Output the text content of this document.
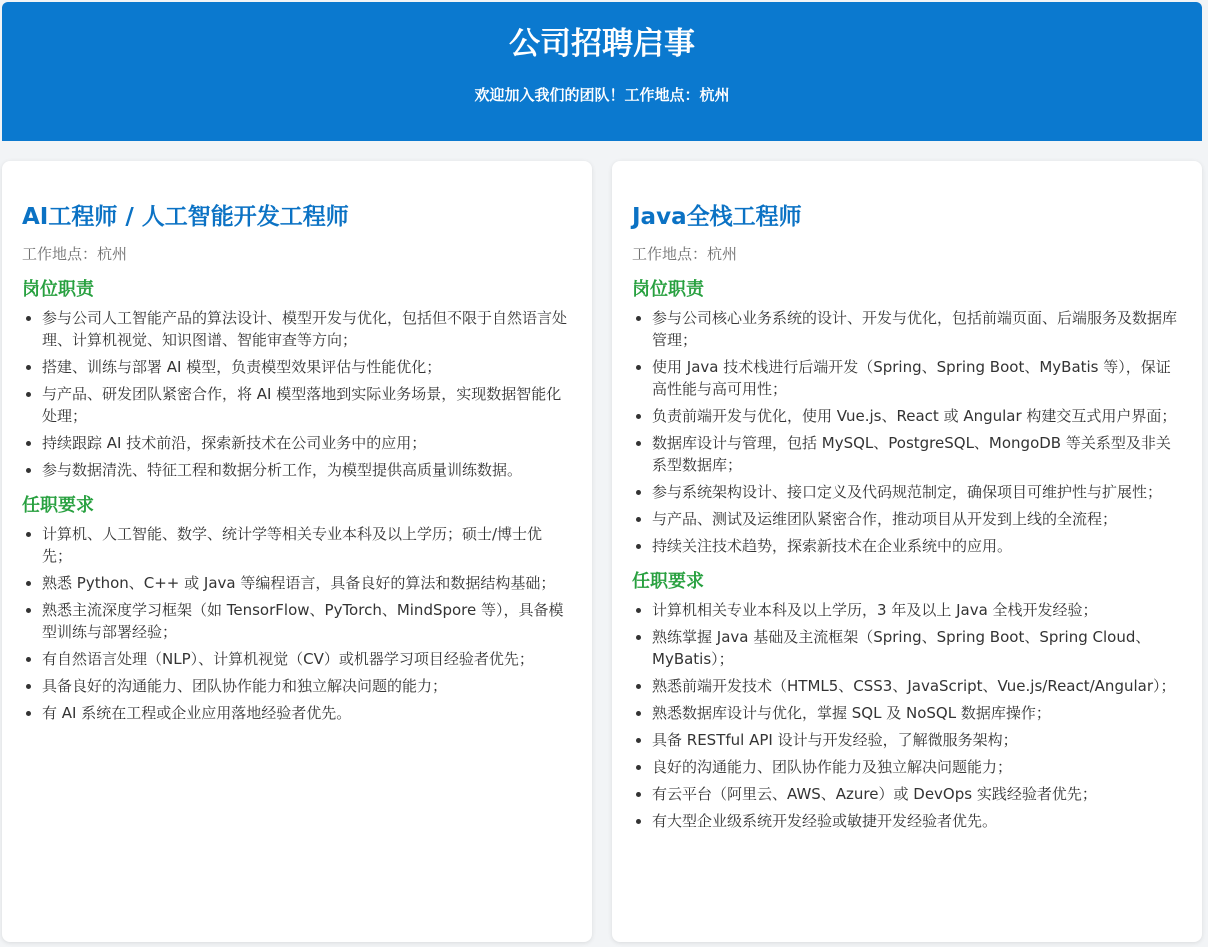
公司招聘启事
欢迎加入我们的团队！工作地点：杭州
AI工程师 / 人工智能开发工程师
工作地点：杭州
岗位职责
• 参与公司人工智能产品的算法设计、模型开发与优化，包括但不限于自然语言处理、计算机视觉、知识图谱、智能审查等方向；
• 搭建、训练与部署 AI 模型，负责模型效果评估与性能优化；
• 与产品、研发团队紧密合作，将 AI 模型落地到实际业务场景，实现数据智能化处理；
• 持续跟踪 AI 技术前沿，探索新技术在公司业务中的应用；
• 参与数据清洗、特征工程和数据分析工作，为模型提供高质量训练数据。
任职要求
• 计算机、人工智能、数学、统计学等相关专业本科及以上学历；硕士/博士优先；
• 熟悉 Python、C++ 或 Java 等编程语言，具备良好的算法和数据结构基础；
• 熟悉主流深度学习框架（如 TensorFlow、PyTorch、MindSpore 等），具备模型训练与部署经验；
• 有自然语言处理（NLP）、计算机视觉（CV）或机器学习项目经验者优先；
• 具备良好的沟通能力、团队协作能力和独立解决问题的能力；
• 有 AI 系统在工程或企业应用落地经验者优先。
Java全栈工程师
工作地点：杭州
岗位职责
• 参与公司核心业务系统的设计、开发与优化，包括前端页面、后端服务及数据库管理；
• 使用 Java 技术栈进行后端开发（Spring、Spring Boot、MyBatis 等），保证高性能与高可用性；
• 负责前端开发与优化，使用 Vue.js、React 或 Angular 构建交互式用户界面；
• 数据库设计与管理，包括 MySQL、PostgreSQL、MongoDB 等关系型及非关系型数据库；
• 参与系统架构设计、接口定义及代码规范制定，确保项目可维护性与扩展性；
• 与产品、测试及运维团队紧密合作，推动项目从开发到上线的全流程；
• 持续关注技术趋势，探索新技术在企业系统中的应用。
任职要求
• 计算机相关专业本科及以上学历，3 年及以上 Java 全栈开发经验；
• 熟练掌握 Java 基础及主流框架（Spring、Spring Boot、Spring Cloud、MyBatis）；
• 熟悉前端开发技术（HTML5、CSS3、JavaScript、Vue.js/React/Angular）；
• 熟悉数据库设计与优化，掌握 SQL 及 NoSQL 数据库操作；
• 具备 RESTful API 设计与开发经验，了解微服务架构；
• 良好的沟通能力、团队协作能力及独立解决问题能力；
• 有云平台（阿里云、AWS、Azure）或 DevOps 实践经验者优先；
• 有大型企业级系统开发经验或敏捷开发经验者优先。
